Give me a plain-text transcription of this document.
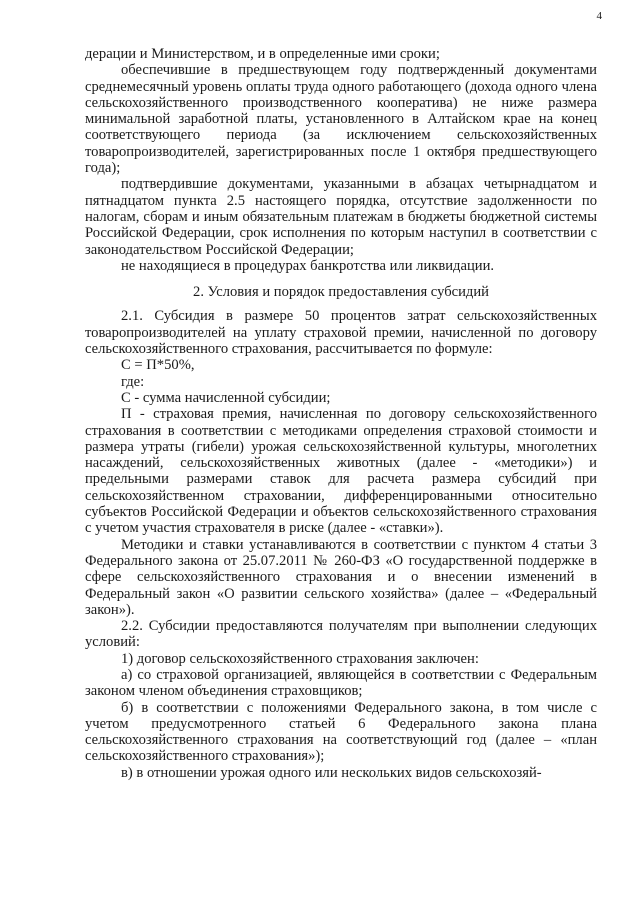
4

дерации и Министерством, и в определенные ими сроки;

обеспечившие в предшествующем году подтвержденный документами среднемесячный уровень оплаты труда одного работающего (дохода одного члена сельскохозяйственного производственного кооператива) не ниже размера минимальной заработной платы, установленного в Алтайском крае на конец соответствующего периода (за исключением сельскохозяйственных товаропроизводителей, зарегистрированных после 1 октября предшествующего года);

подтвердившие документами, указанными в абзацах четырнадцатом и пятнадцатом пункта 2.5 настоящего порядка, отсутствие задолженности по налогам, сборам и иным обязательным платежам в бюджеты бюджетной системы Российской Федерации, срок исполнения по которым наступил в соответствии с законодательством Российской Федерации;

не находящиеся в процедурах банкротства или ликвидации.

2. Условия и порядок предоставления субсидий

2.1. Субсидия в размере 50 процентов затрат сельскохозяйственных товаропроизводителей на уплату страховой премии, начисленной по договору сельскохозяйственного страхования, рассчитывается по формуле:

С = П*50%,

где:

С - сумма начисленной субсидии;

П - страховая премия, начисленная по договору сельскохозяйственного страхования в соответствии с методиками определения страховой стоимости и размера утраты (гибели) урожая сельскохозяйственной культуры, многолетних насаждений, сельскохозяйственных животных (далее - «методики») и предельными размерами ставок для расчета размера субсидий при сельскохозяйственном страховании, дифференцированными относительно субъектов Российской Федерации и объектов сельскохозяйственного страхования с учетом участия страхователя в риске (далее - «ставки»).

Методики и ставки устанавливаются в соответствии с пунктом 4 статьи 3 Федерального закона от 25.07.2011 № 260-ФЗ «О государственной поддержке в сфере сельскохозяйственного страхования и о внесении изменений в Федеральный закон «О развитии сельского хозяйства» (далее – «Федеральный закон»).

2.2. Субсидии предоставляются получателям при выполнении следующих условий:

1) договор сельскохозяйственного страхования заключен:

а) со страховой организацией, являющейся в соответствии с Федеральным законом членом объединения страховщиков;

б) в соответствии с положениями Федерального закона, в том числе с учетом предусмотренного статьей 6 Федерального закона плана сельскохозяйственного страхования на соответствующий год (далее – «план сельскохозяйственного страхования»);

в) в отношении урожая одного или нескольких видов сельскохозяй-
